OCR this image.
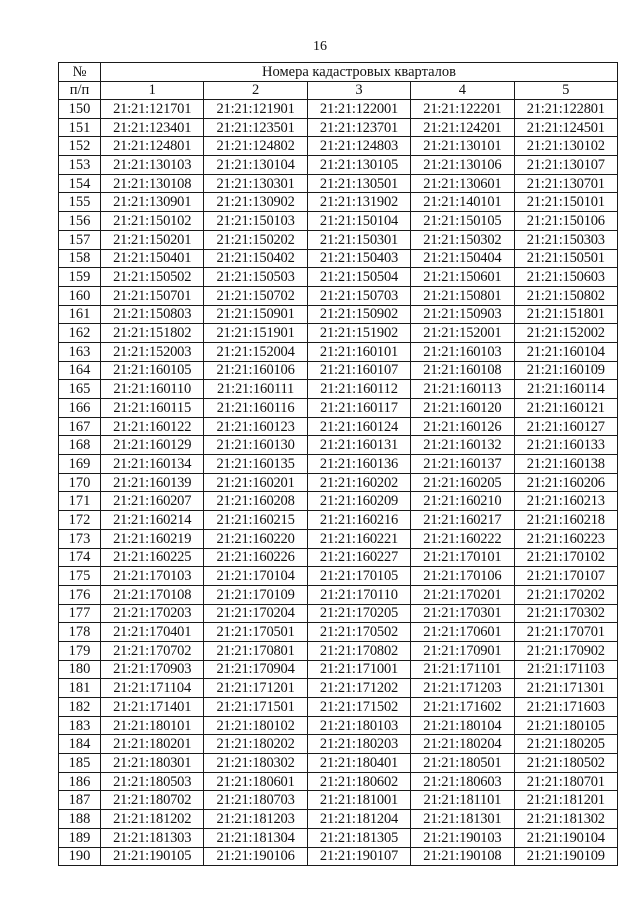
16
№	Номера кадастровых кварталов				
п/п	1	2	3	4	5
150	21:21:121701	21:21:121901	21:21:122001	21:21:122201	21:21:122801
151	21:21:123401	21:21:123501	21:21:123701	21:21:124201	21:21:124501
152	21:21:124801	21:21:124802	21:21:124803	21:21:130101	21:21:130102
153	21:21:130103	21:21:130104	21:21:130105	21:21:130106	21:21:130107
154	21:21:130108	21:21:130301	21:21:130501	21:21:130601	21:21:130701
155	21:21:130901	21:21:130902	21:21:131902	21:21:140101	21:21:150101
156	21:21:150102	21:21:150103	21:21:150104	21:21:150105	21:21:150106
157	21:21:150201	21:21:150202	21:21:150301	21:21:150302	21:21:150303
158	21:21:150401	21:21:150402	21:21:150403	21:21:150404	21:21:150501
159	21:21:150502	21:21:150503	21:21:150504	21:21:150601	21:21:150603
160	21:21:150701	21:21:150702	21:21:150703	21:21:150801	21:21:150802
161	21:21:150803	21:21:150901	21:21:150902	21:21:150903	21:21:151801
162	21:21:151802	21:21:151901	21:21:151902	21:21:152001	21:21:152002
163	21:21:152003	21:21:152004	21:21:160101	21:21:160103	21:21:160104
164	21:21:160105	21:21:160106	21:21:160107	21:21:160108	21:21:160109
165	21:21:160110	21:21:160111	21:21:160112	21:21:160113	21:21:160114
166	21:21:160115	21:21:160116	21:21:160117	21:21:160120	21:21:160121
167	21:21:160122	21:21:160123	21:21:160124	21:21:160126	21:21:160127
168	21:21:160129	21:21:160130	21:21:160131	21:21:160132	21:21:160133
169	21:21:160134	21:21:160135	21:21:160136	21:21:160137	21:21:160138
170	21:21:160139	21:21:160201	21:21:160202	21:21:160205	21:21:160206
171	21:21:160207	21:21:160208	21:21:160209	21:21:160210	21:21:160213
172	21:21:160214	21:21:160215	21:21:160216	21:21:160217	21:21:160218
173	21:21:160219	21:21:160220	21:21:160221	21:21:160222	21:21:160223
174	21:21:160225	21:21:160226	21:21:160227	21:21:170101	21:21:170102
175	21:21:170103	21:21:170104	21:21:170105	21:21:170106	21:21:170107
176	21:21:170108	21:21:170109	21:21:170110	21:21:170201	21:21:170202
177	21:21:170203	21:21:170204	21:21:170205	21:21:170301	21:21:170302
178	21:21:170401	21:21:170501	21:21:170502	21:21:170601	21:21:170701
179	21:21:170702	21:21:170801	21:21:170802	21:21:170901	21:21:170902
180	21:21:170903	21:21:170904	21:21:171001	21:21:171101	21:21:171103
181	21:21:171104	21:21:171201	21:21:171202	21:21:171203	21:21:171301
182	21:21:171401	21:21:171501	21:21:171502	21:21:171602	21:21:171603
183	21:21:180101	21:21:180102	21:21:180103	21:21:180104	21:21:180105
184	21:21:180201	21:21:180202	21:21:180203	21:21:180204	21:21:180205
185	21:21:180301	21:21:180302	21:21:180401	21:21:180501	21:21:180502
186	21:21:180503	21:21:180601	21:21:180602	21:21:180603	21:21:180701
187	21:21:180702	21:21:180703	21:21:181001	21:21:181101	21:21:181201
188	21:21:181202	21:21:181203	21:21:181204	21:21:181301	21:21:181302
189	21:21:181303	21:21:181304	21:21:181305	21:21:190103	21:21:190104
190	21:21:190105	21:21:190106	21:21:190107	21:21:190108	21:21:190109
